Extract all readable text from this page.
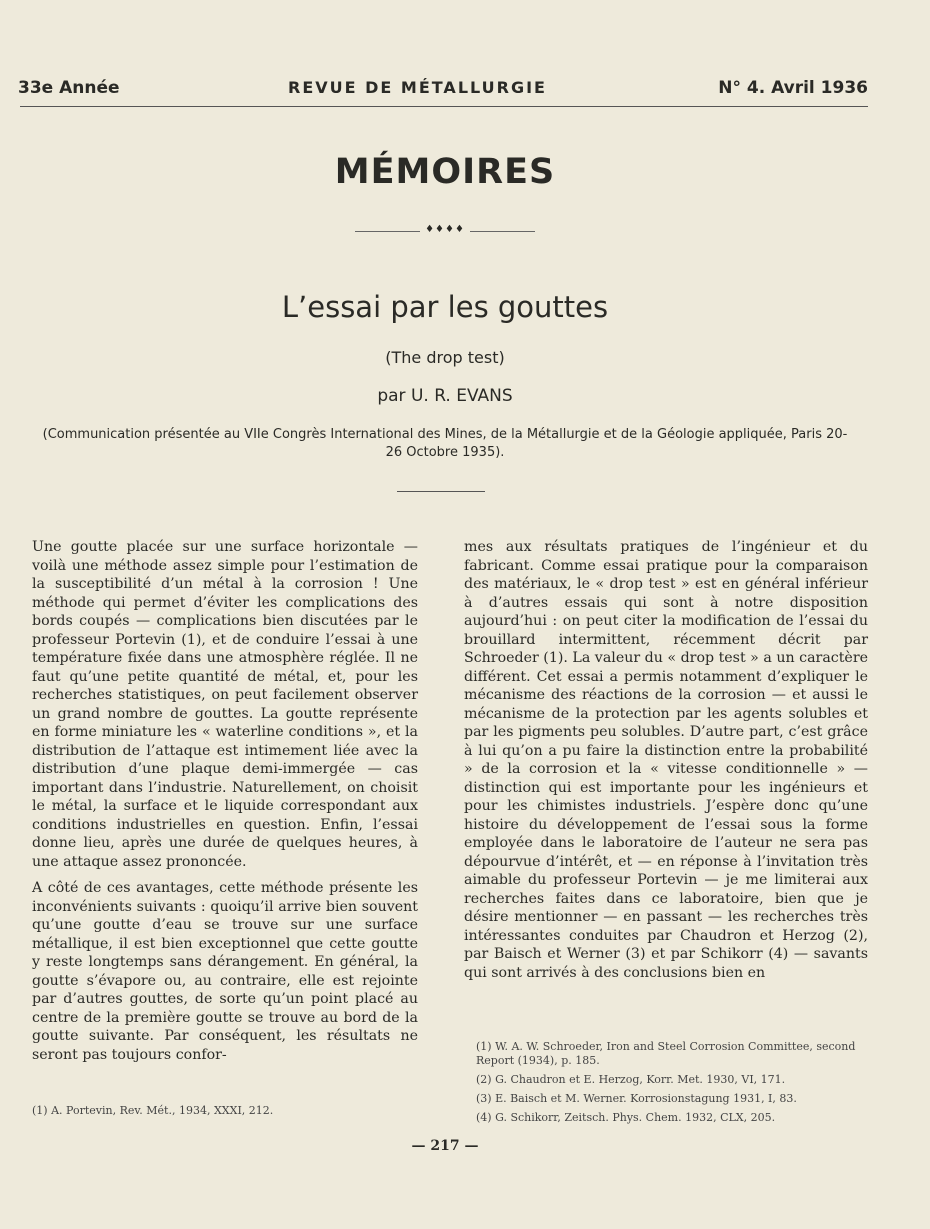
33e Année	REVUE DE MÉTALLURGIE	N° 4. Avril 1936
MÉMOIRES
♦♦♦♦
L’essai par les gouttes
(The drop test)
par U. R. EVANS
(Communication présentée au VIIe Congrès International des Mines, de la Métallurgie et de la Géologie appliquée, Paris 20-26 Octobre 1935).

Une goutte placée sur une surface horizontale — voilà une méthode assez simple pour l’estimation de la susceptibilité d’un métal à la corrosion ! Une méthode qui permet d’éviter les complications des bords coupés — complications bien discutées par le professeur Portevin (1), et de conduire l’essai à une température fixée dans une atmosphère réglée. Il ne faut qu’une petite quantité de métal, et, pour les recherches statistiques, on peut facilement observer un grand nombre de gouttes. La goutte représente en forme miniature les « waterline conditions », et la distribution de l’attaque est intimement liée avec la distribution d’une plaque demi-immergée — cas important dans l’industrie. Naturellement, on choisit le métal, la surface et le liquide correspondant aux conditions industrielles en question. Enfin, l’essai donne lieu, après une durée de quelques heures, à une attaque assez prononcée.

A côté de ces avantages, cette méthode présente les inconvénients suivants : quoiqu’il arrive bien souvent qu’une goutte d’eau se trouve sur une surface métallique, il est bien exceptionnel que cette goutte y reste longtemps sans dérangement. En général, la goutte s’évapore ou, au contraire, elle est rejointe par d’autres gouttes, de sorte qu’un point placé au centre de la première goutte se trouve au bord de la goutte suivante. Par conséquent, les résultats ne seront pas toujours confor-

mes aux résultats pratiques de l’ingénieur et du fabricant. Comme essai pratique pour la comparaison des matériaux, le « drop test » est en général inférieur à d’autres essais qui sont à notre disposition aujourd’hui : on peut citer la modification de l’essai du brouillard intermittent, récemment décrit par Schroeder (1). La valeur du « drop test » a un caractère différent. Cet essai a permis notamment d’expliquer le mécanisme des réactions de la corrosion — et aussi le mécanisme de la protection par les agents solubles et par les pigments peu solubles. D’autre part, c’est grâce à lui qu’on a pu faire la distinction entre la probabilité » de la corrosion et la « vitesse conditionnelle » — distinction qui est importante pour les ingénieurs et pour les chimistes industriels. J’espère donc qu’une histoire du développement de l’essai sous la forme employée dans le laboratoire de l’auteur ne sera pas dépourvue d’intérêt, et — en réponse à l’invitation très aimable du professeur Portevin — je me limiterai aux recherches faites dans ce laboratoire, bien que je désire mentionner — en passant — les recherches très intéressantes conduites par Chaudron et Herzog (2), par Baisch et Werner (3) et par Schikorr (4) — savants qui sont arrivés à des conclusions bien en

(1) A. Portevin, Rev. Mét., 1934, XXXI, 212.

(1) W. A. W. Schroeder, Iron and Steel Corrosion Committee, second Report (1934), p. 185.

(2) G. Chaudron et E. Herzog, Korr. Met. 1930, VI, 171.

(3) E. Baisch et M. Werner. Korrosionstagung 1931, I, 83.

(4) G. Schikorr, Zeitsch. Phys. Chem. 1932, CLX, 205.

— 217 —
